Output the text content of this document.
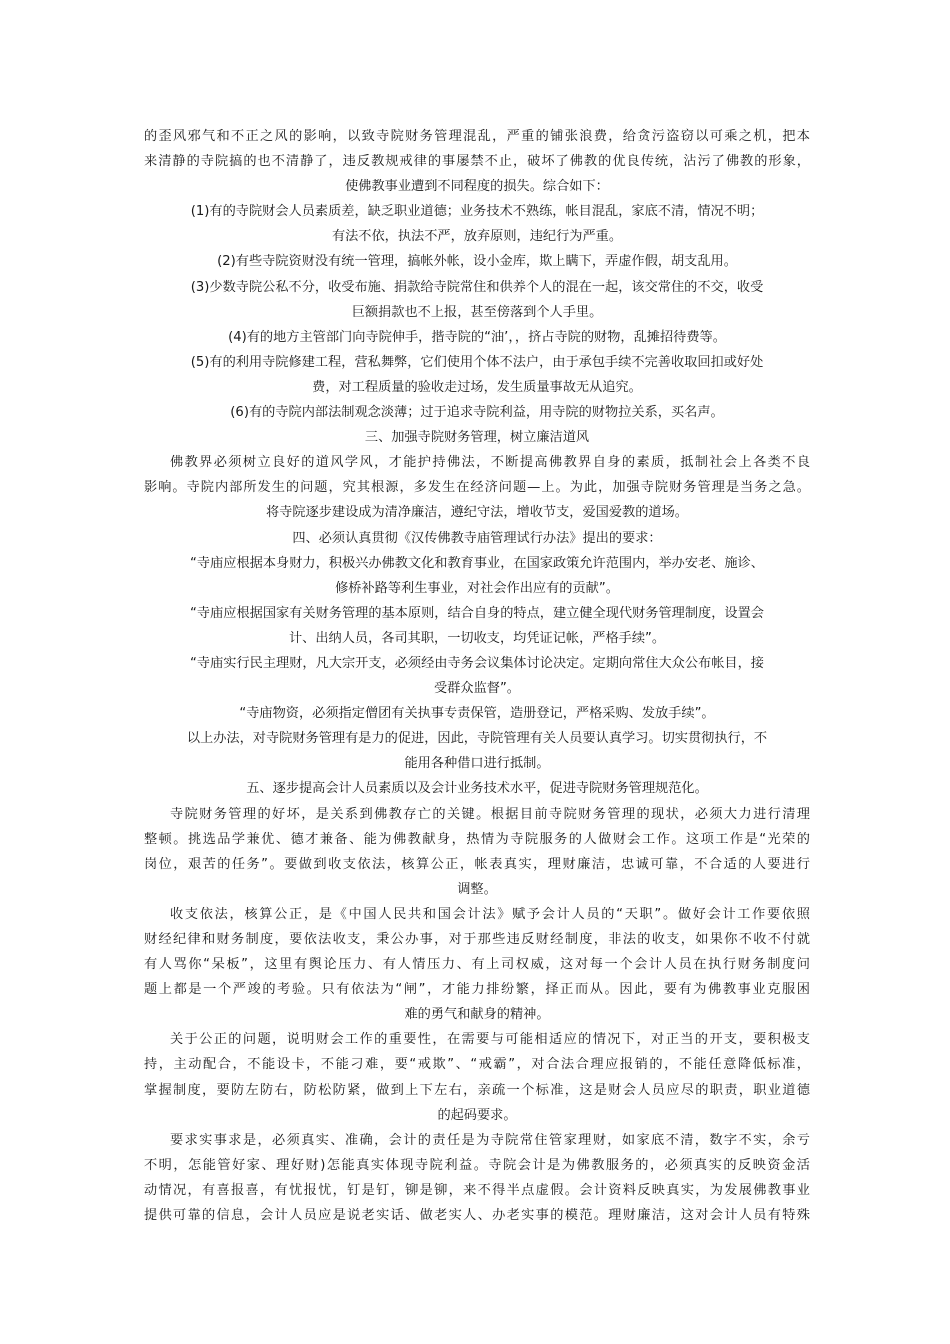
的歪风邪气和不正之风的影响，以致寺院财务管理混乱，严重的铺张浪费，给贪污盗窃以可乘之机，把本
来清静的寺院搞的也不清静了，违反教规戒律的事屡禁不止，破坏了佛教的优良传统，沾污了佛教的形象，
使佛教事业遭到不同程度的损失。综合如下：
(1)有的寺院财会人员素质差，缺乏职业道德；业务技术不熟练，帐目混乱，家底不清，情况不明；
有法不依，执法不严，放弃原则，违纪行为严重。
(2)有些寺院资财没有统一管理，搞帐外帐，设小金库，欺上瞒下，弄虚作假，胡支乱用。
(3)少数寺院公私不分，收受布施、捐款给寺院常住和供养个人的混在一起，该交常住的不交，收受
巨额捐款也不上报，甚至傍落到个人手里。
(4)有的地方主管部门向寺院伸手，揩寺院的“油’，，挤占寺院的财物，乱摊招待费等。
(5)有的利用寺院修建工程，营私舞弊，它们使用个体不法户，由于承包手续不完善收取回扣或好处
费，对工程质量的验收走过场，发生质量事故无从追究。
(6)有的寺院内部法制观念淡薄；过于追求寺院利益，用寺院的财物拉关系，买名声。
三、加强寺院财务管理，树立廉洁道风
佛教界必须树立良好的道风学风，才能护持佛法，不断提高佛教界自身的素质，抵制社会上各类不良
影响。寺院内部所发生的问题，究其根源，多发生在经济问题—上。为此，加强寺院财务管理是当务之急。
将寺院逐步建设成为清净廉洁，遵纪守法，增收节支，爱国爱教的道场。
四、必须认真贯彻《汉传佛教寺庙管理试行办法》提出的要求：
“寺庙应根据本身财力，积极兴办佛教文化和教育事业，在国家政策允许范围内，举办安老、施诊、
修桥补路等利生事业，对社会作出应有的贡献”。
“寺庙应根据国家有关财务管理的基本原则，结合自身的特点，建立健全现代财务管理制度，设置会
计、出纳人员，各司其职，一切收支，均凭证记帐，严格手续”。
“寺庙实行民主理财，凡大宗开支，必须经由寺务会议集体讨论决定。定期向常住大众公布帐目，接
受群众监督”。
“寺庙物资，必须指定僧团有关执事专责保管，造册登记，严格采购、发放手续”。
以上办法，对寺院财务管理有是力的促进，因此，寺院管理有关人员要认真学习。切实贯彻执行，不
能用各种借口进行抵制。
五、逐步提高会计人员素质以及会计业务技术水平，促进寺院财务管理规范化。
寺院财务管理的好坏，是关系到佛教存亡的关键。根据目前寺院财务管理的现状，必须大力进行清理
整顿。挑选品学兼优、德才兼备、能为佛教献身，热情为寺院服务的人做财会工作。这项工作是“光荣的
岗位，艰苦的任务”。要做到收支依法，核算公正，帐表真实，理财廉洁，忠诚可靠，不合适的人要进行
调整。
收支依法，核算公正，是《中国人民共和国会计法》赋予会计人员的“天职”。做好会计工作要依照
财经纪律和财务制度，要依法收支，秉公办事，对于那些违反财经制度，非法的收支，如果你不收不付就
有人骂你“呆板”，这里有舆论压力、有人情压力、有上司权威，这对每一个会计人员在执行财务制度问
题上都是一个严竣的考验。只有依法为“闸”，才能力排纷繁，择正而从。因此，要有为佛教事业克服困
难的勇气和献身的精神。
关于公正的问题，说明财会工作的重要性，在需要与可能相适应的情况下，对正当的开支，要积极支
持，主动配合，不能设卡，不能刁难，要“戒欺”、“戒霸”，对合法合理应报销的，不能任意降低标准，
掌握制度，要防左防右，防松防紧，做到上下左右，亲疏一个标准，这是财会人员应尽的职责，职业道德
的起码要求。
要求实事求是，必须真实、准确，会计的责任是为寺院常住管家理财，如家底不清，数字不实，余亏
不明，怎能管好家、理好财)怎能真实体现寺院利益。寺院会计是为佛教服务的，必须真实的反映资金活
动情况，有喜报喜，有忧报忧，钉是钉，铆是铆，来不得半点虚假。会计资料反映真实，为发展佛教事业
提供可靠的信息，会计人员应是说老实话、做老实人、办老实事的模范。理财廉洁，这对会计人员有特殊
